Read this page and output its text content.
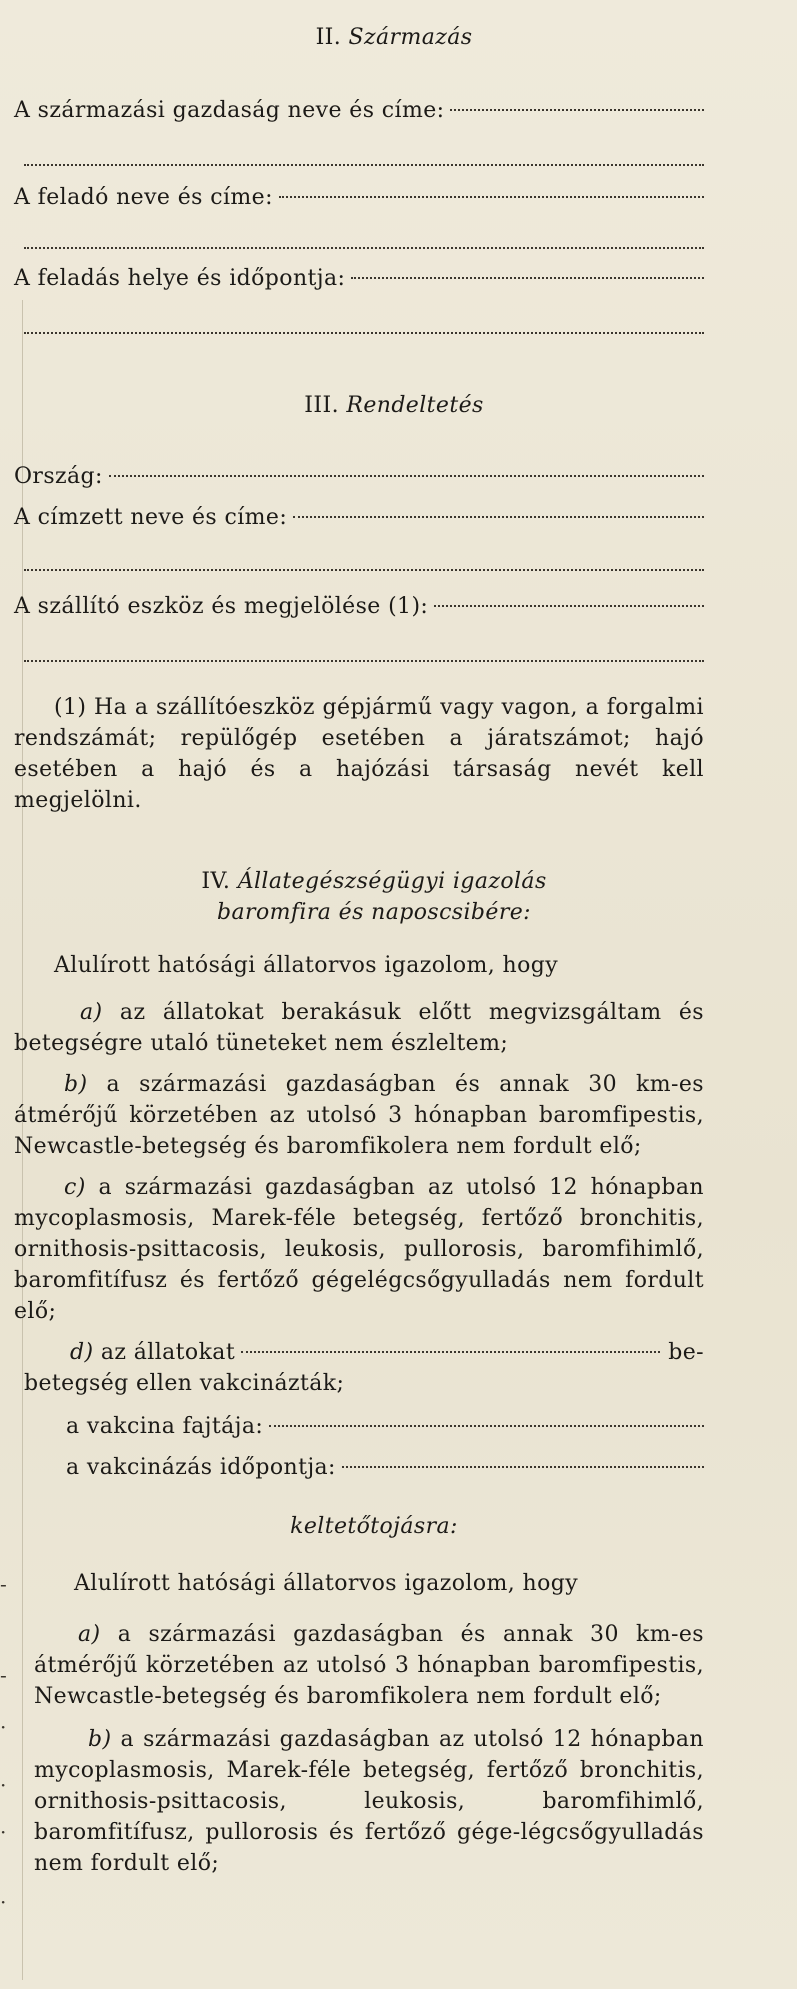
-
-
·
·
·
·
II. Származás
A származási gazdaság neve és címe:
A feladó neve és címe:
A feladás helye és időpontja:
III. Rendeltetés
Ország:
A címzett neve és címe:
A szállító eszköz és megjelölése (1):
(1) Ha a szállítóeszköz gépjármű vagy vagon, a forgalmi rendszámát; repülőgép esetében a járatszámot; hajó esetében a hajó és a hajózási társaság nevét kell megjelölni.
IV. Állategészségügyi igazolás
baromfira és naposcsibére:
Alulírott hatósági állatorvos igazolom, hogy
a) az állatokat berakásuk előtt megvizsgáltam és betegségre utaló tüneteket nem észleltem;
b) a származási gazdaságban és annak 30 km-es átmérőjű körzetében az utolsó 3 hónapban baromfipestis, Newcastle-betegség és baromfikolera nem fordult elő;
c) a származási gazdaságban az utolsó 12 hónapban mycoplasmosis, Marek-féle betegség, fertőző bronchitis, ornithosis-psittacosis, leukosis, pullorosis, baromfihimlő, baromfitífusz és fertőző gégelégcsőgyulladás nem fordult elő;
d) az állatokat	be-
betegség ellen vakcinázták;
a vakcina fajtája:
a vakcinázás időpontja:
keltetőtojásra:
Alulírott hatósági állatorvos igazolom, hogy
a) a származási gazdaságban és annak 30 km-es átmérőjű körzetében az utolsó 3 hónapban baromfipestis, Newcastle-betegség és baromfikolera nem fordult elő;
b) a származási gazdaságban az utolsó 12 hónapban mycoplasmosis, Marek-féle betegség, fertőző bronchitis, ornithosis-psittacosis, leukosis, baromfihimlő, baromfitífusz, pullorosis és fertőző gége-légcsőgyulladás nem fordult elő;
